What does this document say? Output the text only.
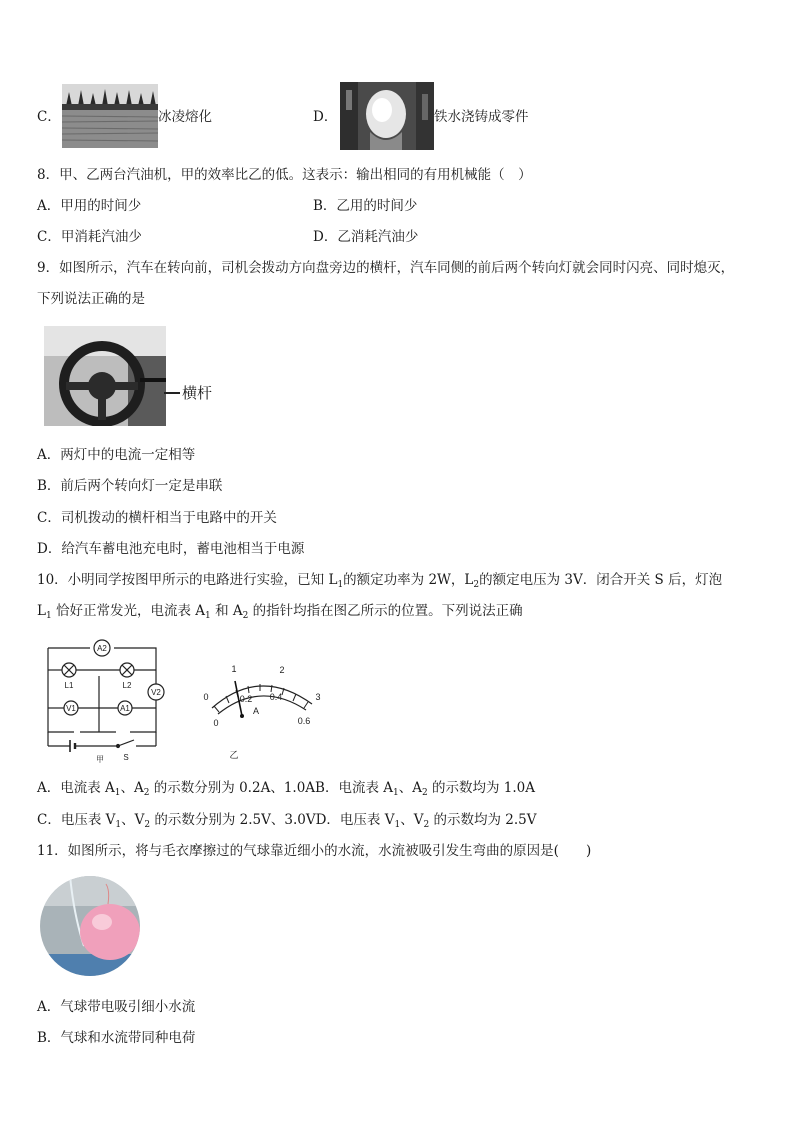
C．	冰凌熔化	D．	铁水浇铸成零件
8．甲、乙两台汽油机，甲的效率比乙的低。这表示：输出相同的有用机械能（　）
A．甲用的时间少	B．乙用的时间少
C．甲消耗汽油少	D．乙消耗汽油少
9．如图所示，汽车在转向前，司机会拨动方向盘旁边的横杆，汽车同侧的前后两个转向灯就会同时闪亮、同时熄灭，
下列说法正确的是
横杆
A．两灯中的电流一定相等
B．前后两个转向灯一定是串联
C．司机拨动的横杆相当于电路中的开关
D．给汽车蓄电池充电时，蓄电池相当于电源
10．小明同学按图甲所示的电路进行实验，已知 $L_1$的额定功率为 2W，$L_2$的额定电压为 3V．闭合开关 S 后，灯泡
$L_1$ 恰好正常发光，电流表 $A_1$ 和 $A_2$ 的指针均指在图乙所示的位置。下列说法正确
A2
L1	L2
V2
V1	A1
S
甲
0
1	2
3
0
0.2 0.4
0.6
A
乙
A．电流表 $A_1$、$A_2$ 的示数分别为 0.2A、1.0AB．电流表 $A_1$、$A_2$ 的示数均为 1.0A
C．电压表 $V_1$、$V_2$ 的示数分别为 2.5V、3.0VD．电压表 $V_1$、$V_2$ 的示数均为 2.5V
11．如图所示，将与毛衣摩擦过的气球靠近细小的水流，水流被吸引发生弯曲的原因是(　　)
A．气球带电吸引细小水流
B．气球和水流带同种电荷
